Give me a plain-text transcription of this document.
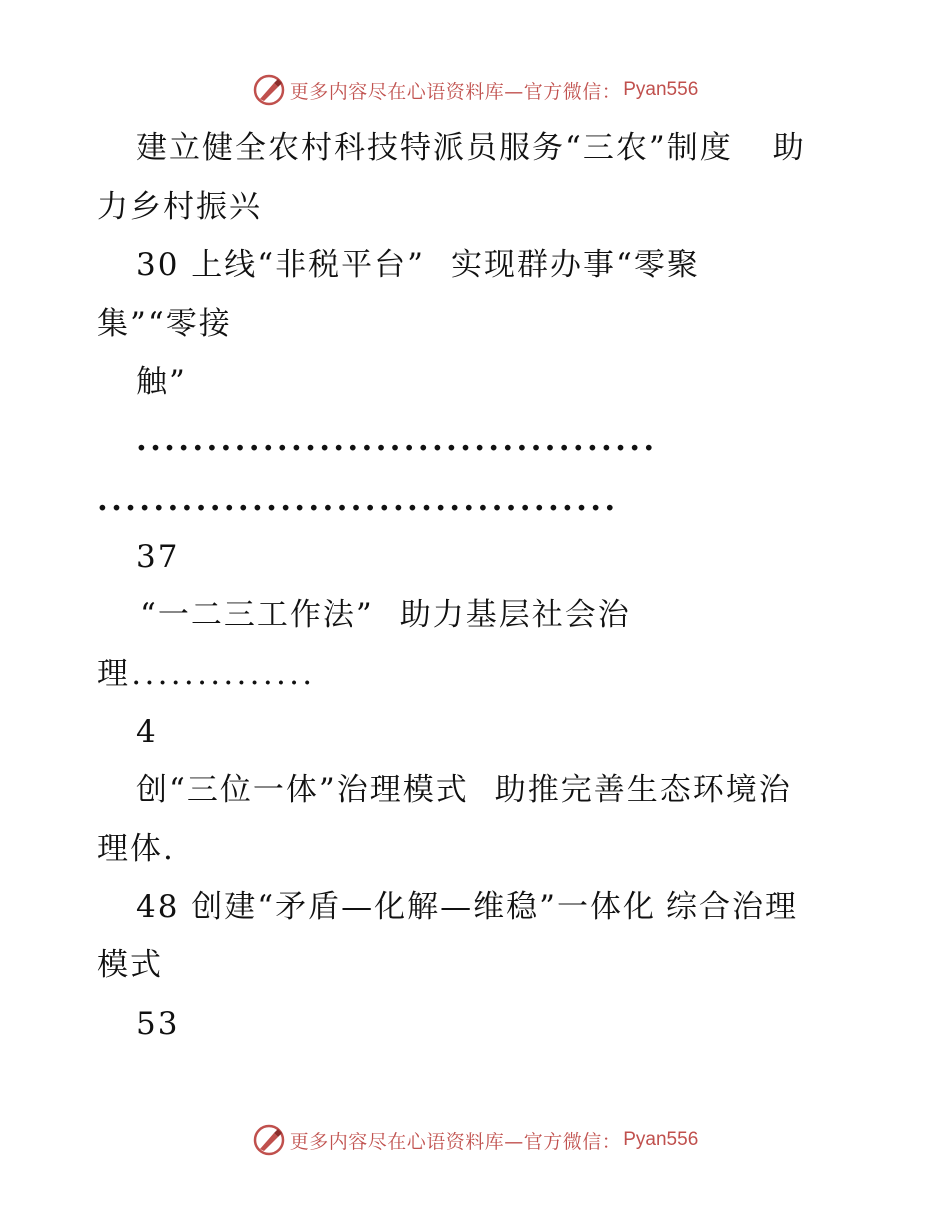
更多内容尽在心语资料库—官方微信： Pyan556
建立健全农村科技特派员服务“三农”制度 助
力乡村振兴
30 上线“非税平台” 实现群办事“零聚
集”“零接
触”
.....................................
.....................................
37
“一二三工作法” 助力基层社会治
理..............
4
创“三位一体”治理模式 助推完善生态环境治
理体.
48 创建“矛盾—化解—维稳”一体化 综合治理
模式
53
更多内容尽在心语资料库—官方微信： Pyan556
